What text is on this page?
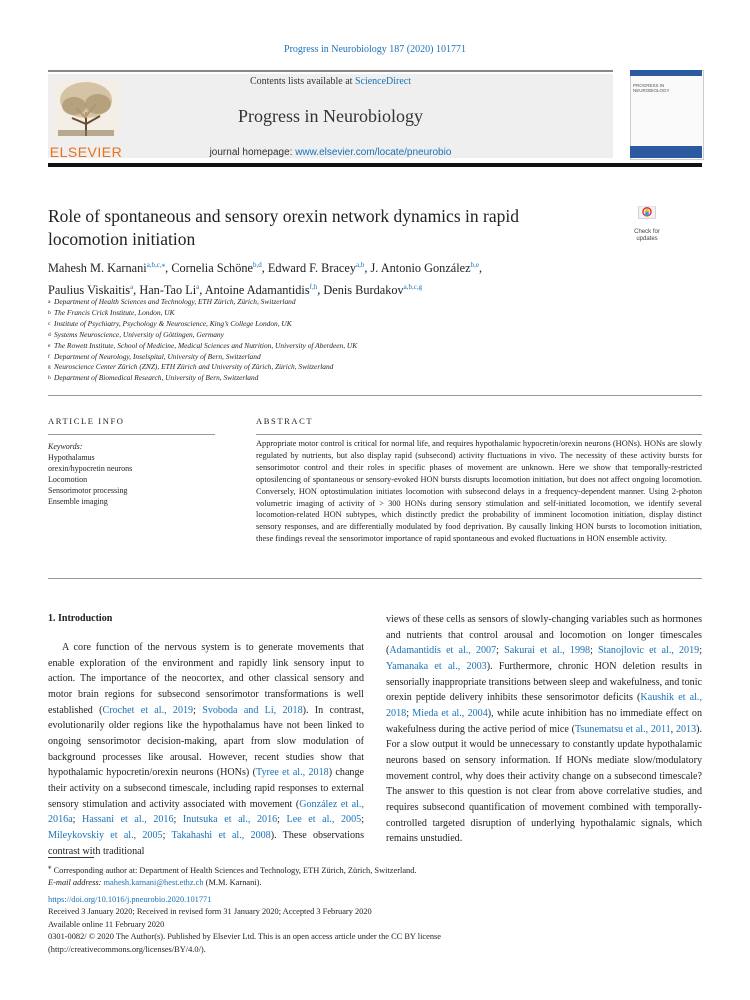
Progress in Neurobiology 187 (2020) 101771
Contents lists available at ScienceDirect
Progress in Neurobiology
journal homepage: www.elsevier.com/locate/pneurobio
ELSEVIER
PROGRESS IN NEUROBIOLOGY
Role of spontaneous and sensory orexin network dynamics in rapid
locomotion initiation	Check for updates
Mahesh M. Karnani$^{a,b,c,⁎}$, Cornelia Schöne$^{b,d}$, Edward F. Bracey$^{a,b}$, J. Antonio González$^{b,e}$,
Paulius Viskaitis$^a$, Han-Tao Li$^a$, Antoine Adamantidis$^{f,h}$, Denis Burdakov$^{a,b,c,g}$
a Department of Health Sciences and Technology, ETH Zürich, Zürich, Switzerland
b The Francis Crick Institute, London, UK
c Institute of Psychiatry, Psychology & Neuroscience, King’s College London, UK
d Systems Neuroscience, University of Göttingen, Germany
e The Rowett Institute, School of Medicine, Medical Sciences and Nutrition, University of Aberdeen, UK
f Department of Neurology, Inselspital, University of Bern, Switzerland
g Neuroscience Center Zürich (ZNZ), ETH Zürich and University of Zürich, Zürich, Switzerland
h Department of Biomedical Research, University of Bern, Switzerland
ARTICLE INFO
Keywords:
Hypothalamus
orexin/hypocretin neurons
Locomotion
Sensorimotor processing
Ensemble imaging
ABSTRACT
Appropriate motor control is critical for normal life, and requires hypothalamic hypocretin/orexin neurons (HONs). HONs are slowly regulated by nutrients, but also display rapid (subsecond) activity fluctuations in vivo. The necessity of these activity bursts for sensorimotor control and their roles in specific phases of movement are unknown. Here we show that temporally-restricted optosilencing of spontaneous or sensory-evoked HON bursts disrupts locomotion initiation, but does not affect ongoing locomotion. Conversely, HON optostimulation initiates locomotion with subsecond delays in a frequency-dependent manner. Using 2-photon volumetric imaging of activity of > 300 HONs during sensory stimulation and self-initiated locomotion, we identify several locomotion-related HON subtypes, which distinctly predict the probability of imminent locomotion initiation, display distinct sensory responses, and are differentially modulated by food deprivation. By causally linking HON bursts to locomotion initiation, these findings reveal the sensorimotor importance of rapid spontaneous and evoked fluctuations in HON ensemble activity.
1. Introduction

A core function of the nervous system is to generate movements that enable exploration of the environment and rapidly link sensory input to action. The importance of the neocortex, and other classical sensory and motor brain regions for subsecond sensorimotor transformations is well established (Crochet et al., 2019; Svoboda and Li, 2018). In contrast, evolutionarily older regions like the hypothalamus have not been linked to ongoing sensorimotor decision-making, apart from slow modulation of background processes like arousal. However, recent studies show that hypothalamic hypocretin/orexin neurons (HONs) (Tyree et al., 2018) change their activity on a subsecond timescale, including rapid responses to external sensory stimulation and activity associated with movement (González et al., 2016a; Hassani et al., 2016; Inutsuka et al., 2016; Lee et al., 2005; Mileykovskiy et al., 2005; Takahashi et al., 2008). These observations contrast with traditional

views of these cells as sensors of slowly-changing variables such as hormones and nutrients that control arousal and locomotion on longer timescales (Adamantidis et al., 2007; Sakurai et al., 1998; Stanojlovic et al., 2019; Yamanaka et al., 2003). Furthermore, chronic HON deletion results in sensorially inappropriate transitions between sleep and wakefulness, and tonic orexin peptide delivery inhibits these sensorimotor deficits (Kaushik et al., 2018; Mieda et al., 2004), while acute inhibition has no immediate effect on wakefulness during the active period of mice (Tsunematsu et al., 2011, 2013). For a slow output it would be unnecessary to constantly update hypothalamic neurons based on sensory information. If HONs mediate slow/modulatory movement control, why does their activity change on a subsecond timescale? The answer to this question is not clear from above correlative studies, and requires subsecond quantification of movement combined with temporally-controlled targeted disruption of underlying hypothalamic signals, which remains unstudied.

⁎ Corresponding author at: Department of Health Sciences and Technology, ETH Zürich, Zürich, Switzerland.
E-mail address: mahesh.karnani@hest.ethz.ch (M.M. Karnani).
https://doi.org/10.1016/j.pneurobio.2020.101771
Received 3 January 2020; Received in revised form 31 January 2020; Accepted 3 February 2020
Available online 11 February 2020
0301-0082/ © 2020 The Author(s). Published by Elsevier Ltd. This is an open access article under the CC BY license
(http://creativecommons.org/licenses/BY/4.0/).
